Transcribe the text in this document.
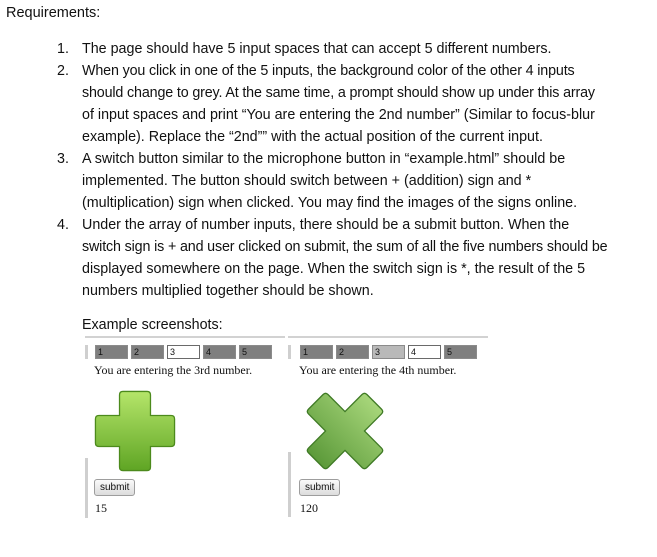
Requirements:
1. The page should have 5 input spaces that can accept 5 different numbers.
2. When you click in one of the 5 inputs, the background color of the other 4 inputs
should change to grey. At the same time, a prompt should show up under this array
of input spaces and print “You are entering the 2nd number” (Similar to focus-blur
example). Replace the “2nd”” with the actual position of the current input.
3. A switch button similar to the microphone button in “example.html” should be
implemented. The button should switch between + (addition) sign and *
(multiplication) sign when clicked. You may find the images of the signs online.
4. Under the array of number inputs, there should be a submit button. When the
switch sign is + and user clicked on submit, the sum of all the five numbers should be
displayed somewhere on the page. When the switch sign is *, the result of the 5
numbers multiplied together should be shown.
Example screenshots:
1	2	3	4	5
You are entering the 3rd number.
submit
15
1	2	3	4	5
You are entering the 4th number.
submit
120
